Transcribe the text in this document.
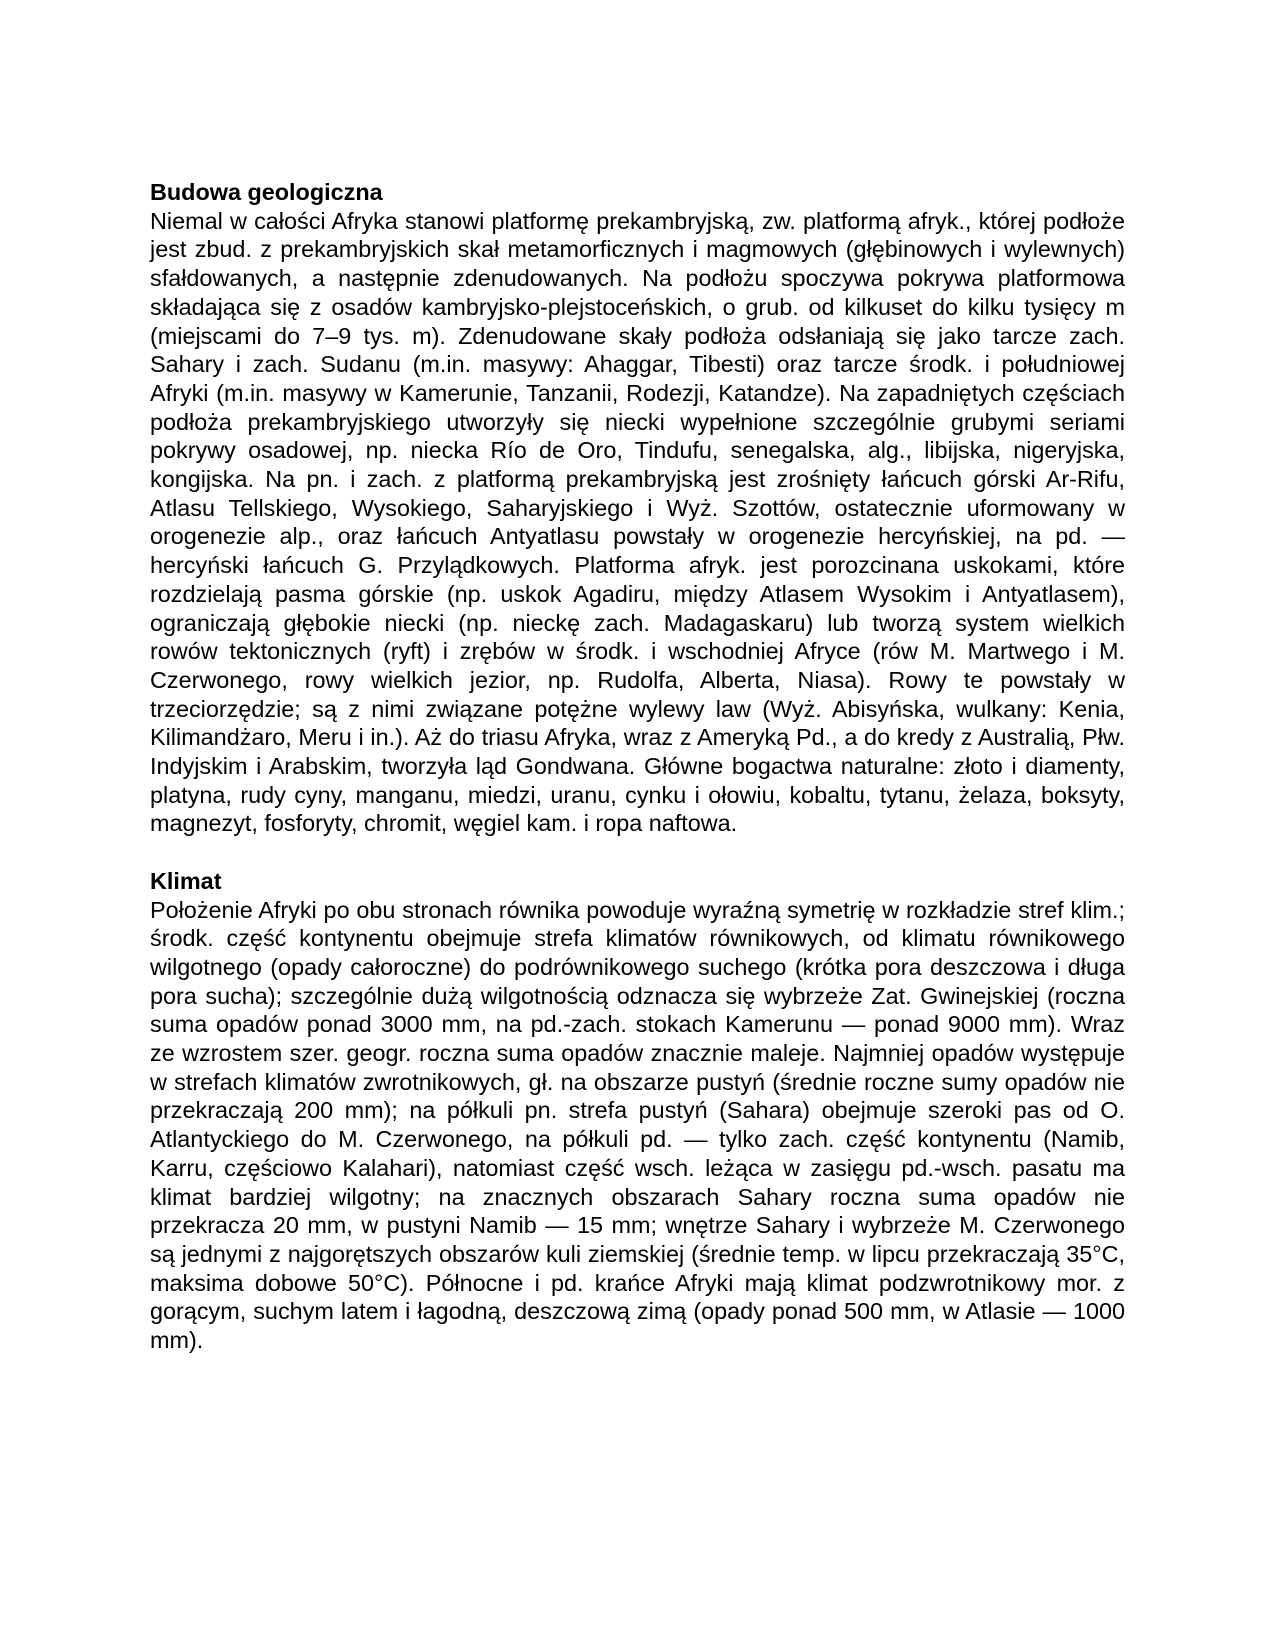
Budowa geologiczna

Niemal w całości Afryka stanowi platformę prekambryjską, zw. platformą afryk., której podłoże jest zbud. z prekambryjskich skał metamorficznych i magmowych (głębinowych i wylewnych) sfałdowanych, a następnie zdenudowanych. Na podłożu spoczywa pokrywa platformowa składająca się z osadów kambryjsko-plejstoceńskich, o grub. od kilkuset do kilku tysięcy m (miejscami do 7–9 tys. m). Zdenudowane skały podłoża odsłaniają się jako tarcze zach. Sahary i zach. Sudanu (m.in. masywy: Ahaggar, Tibesti) oraz tarcze środk. i południowej Afryki (m.in. masywy w Kamerunie, Tanzanii, Rodezji, Katandze). Na zapadniętych częściach podłoża prekambryjskiego utworzyły się niecki wypełnione szczególnie grubymi seriami pokrywy osadowej, np. niecka Río de Oro, Tindufu, senegalska, alg., libijska, nigeryjska, kongijska. Na pn. i zach. z platformą prekambryjską jest zrośnięty łańcuch górski Ar-Rifu, Atlasu Tellskiego, Wysokiego, Saharyjskiego i Wyż. Szottów, ostatecznie uformowany w orogenezie alp., oraz łańcuch Antyatlasu powstały w orogenezie hercyńskiej, na pd. — hercyński łańcuch G. Przylądkowych. Platforma afryk. jest porozcinana uskokami, które rozdzielają pasma górskie (np. uskok Agadiru, między Atlasem Wysokim i Antyatlasem), ograniczają głębokie niecki (np. nieckę zach. Madagaskaru) lub tworzą system wielkich rowów tektonicznych (ryft) i zrębów w środk. i wschodniej Afryce (rów M. Martwego i M. Czerwonego, rowy wielkich jezior, np. Rudolfa, Alberta, Niasa). Rowy te powstały w trzeciorzędzie; są z nimi związane potężne wylewy law (Wyż. Abisyńska, wulkany: Kenia, Kilimandżaro, Meru i in.). Aż do triasu Afryka, wraz z Ameryką Pd., a do kredy z Australią, Płw. Indyjskim i Arabskim, tworzyła ląd Gondwana. Główne bogactwa naturalne: złoto i diamenty, platyna, rudy cyny, manganu, miedzi, uranu, cynku i ołowiu, kobaltu, tytanu, żelaza, boksyty, magnezyt, fosforyty, chromit, węgiel kam. i ropa naftowa.

Klimat

Położenie Afryki po obu stronach równika powoduje wyraźną symetrię w rozkładzie stref klim.; środk. część kontynentu obejmuje strefa klimatów równikowych, od klimatu równikowego wilgotnego (opady całoroczne) do podrównikowego suchego (krótka pora deszczowa i długa pora sucha); szczególnie dużą wilgotnością odznacza się wybrzeże Zat. Gwinejskiej (roczna suma opadów ponad 3000 mm, na pd.-zach. stokach Kamerunu — ponad 9000 mm). Wraz ze wzrostem szer. geogr. roczna suma opadów znacznie maleje. Najmniej opadów występuje w strefach klimatów zwrotnikowych, gł. na obszarze pustyń (średnie roczne sumy opadów nie przekraczają 200 mm); na półkuli pn. strefa pustyń (Sahara) obejmuje szeroki pas od O. Atlantyckiego do M. Czerwonego, na półkuli pd. — tylko zach. część kontynentu (Namib, Karru, częściowo Kalahari), natomiast część wsch. leżąca w zasięgu pd.-wsch. pasatu ma klimat bardziej wilgotny; na znacznych obszarach Sahary roczna suma opadów nie przekracza 20 mm, w pustyni Namib — 15 mm; wnętrze Sahary i wybrzeże M. Czerwonego są jednymi z najgorętszych obszarów kuli ziemskiej (średnie temp. w lipcu przekraczają 35°C, maksima dobowe 50°C). Północne i pd. krańce Afryki mają klimat podzwrotnikowy mor. z gorącym, suchym latem i łagodną, deszczową zimą (opady ponad 500 mm, w Atlasie — 1000 mm).
